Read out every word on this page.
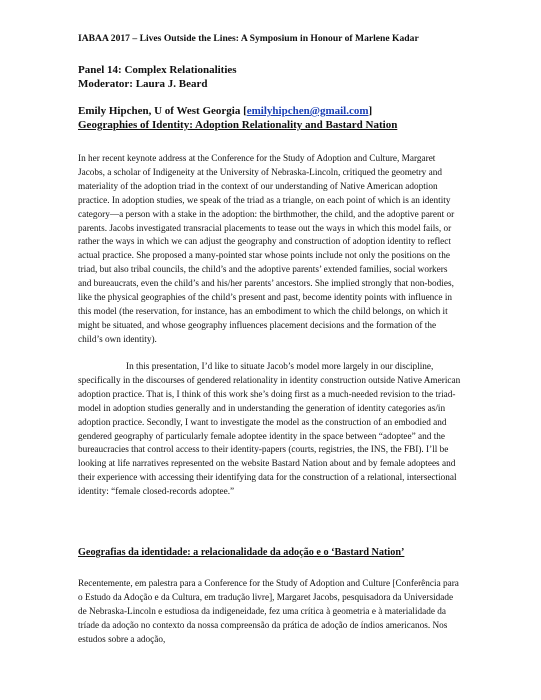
IABAA 2017 – Lives Outside the Lines: A Symposium in Honour of Marlene Kadar
Panel 14: Complex Relationalities
Moderator: Laura J. Beard
Emily Hipchen, U of West Georgia [emilyhipchen@gmail.com]
Geographies of Identity: Adoption Relationality and Bastard Nation
In her recent keynote address at the Conference for the Study of Adoption and Culture, Margaret Jacobs, a scholar of Indigeneity at the University of Nebraska-Lincoln, critiqued the geometry and materiality of the adoption triad in the context of our understanding of Native American adoption practice. In adoption studies, we speak of the triad as a triangle, on each point of which is an identity category—a person with a stake in the adoption: the birthmother, the child, and the adoptive parent or parents. Jacobs investigated transracial placements to tease out the ways in which this model fails, or rather the ways in which we can adjust the geography and construction of adoption identity to reflect actual practice. She proposed a many-pointed star whose points include not only the positions on the triad, but also tribal councils, the child’s and the adoptive parents’ extended families, social workers and bureaucrats, even the child’s and his/her parents’ ancestors. She implied strongly that non-bodies, like the physical geographies of the child’s present and past, become identity points with influence in this model (the reservation, for instance, has an embodiment to which the child belongs, on which it might be situated, and whose geography influences placement decisions and the formation of the child’s own identity).
In this presentation, I’d like to situate Jacob’s model more largely in our discipline, specifically in the discourses of gendered relationality in identity construction outside Native American adoption practice. That is, I think of this work she’s doing first as a much-needed revision to the triad-model in adoption studies generally and in understanding the generation of identity categories as/in adoption practice. Secondly, I want to investigate the model as the construction of an embodied and gendered geography of particularly female adoptee identity in the space between “adoptee” and the bureaucracies that control access to their identity-papers (courts, registries, the INS, the FBI). I’ll be looking at life narratives represented on the website Bastard Nation about and by female adoptees and their experience with accessing their identifying data for the construction of a relational, intersectional identity: “female closed-records adoptee.”
Geografias da identidade: a relacionalidade da adoção e o ‘Bastard Nation’
Recentemente, em palestra para a Conference for the Study of Adoption and Culture [Conferência para o Estudo da Adoção e da Cultura, em tradução livre], Margaret Jacobs, pesquisadora da Universidade de Nebraska-Lincoln e estudiosa da indigeneidade, fez uma crítica à geometria e à materialidade da tríade da adoção no contexto da nossa compreensão da prática de adoção de índios americanos. Nos estudos sobre a adoção,
